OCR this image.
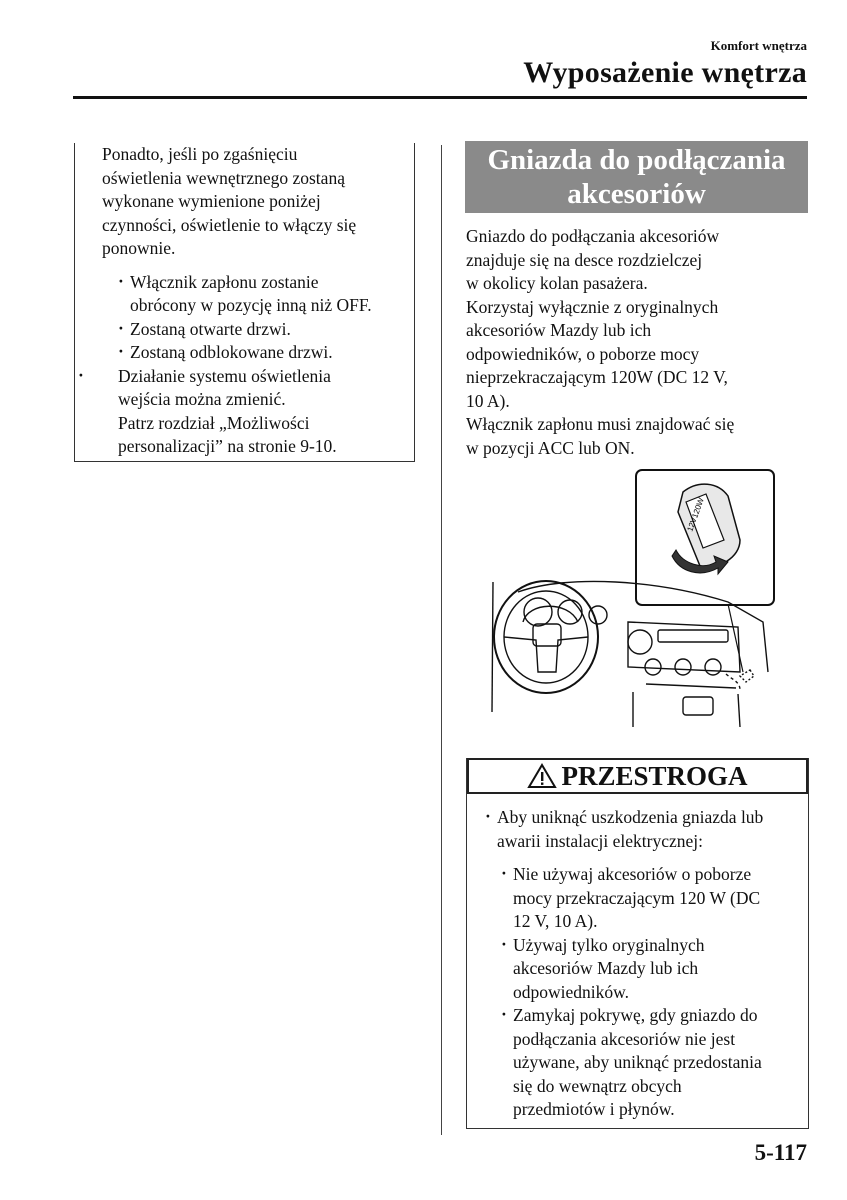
Komfort wnętrza
Wyposażenie wnętrza

Ponadto, jeśli po zgaśnięciu
oświetlenia wewnętrznego zostaną
wykonane wymienione poniżej
czynności, oświetlenie to włączy się
ponownie.

· Włącznik zapłonu zostanie
obrócony w pozycję inną niż OFF.

· Zostaną otwarte drzwi.

· Zostaną odblokowane drzwi.

· Działanie systemu oświetlenia
wejścia można zmienić.
Patrz rozdział „Możliwości
personalizacji” na stronie 9-10.

Gniazda do podłączania
akcesoriów

Gniazdo do podłączania akcesoriów
znajduje się na desce rozdzielczej
w okolicy kolan pasażera.
Korzystaj wyłącznie z oryginalnych
akcesoriów Mazdy lub ich
odpowiedników, o poborze mocy
nieprzekraczającym 120W (DC 12 V,
10 A).
Włącznik zapłonu musi znajdować się
w pozycji ACC lub ON.

12V120W
PRZESTROGA

· Aby uniknąć uszkodzenia gniazda lub
awarii instalacji elektrycznej:

· Nie używaj akcesoriów o poborze
mocy przekraczającym 120 W (DC
12 V, 10 A).

· Używaj tylko oryginalnych
akcesoriów Mazdy lub ich
odpowiedników.

· Zamykaj pokrywę, gdy gniazdo do
podłączania akcesoriów nie jest
używane, aby uniknąć przedostania
się do wewnątrz obcych
przedmiotów i płynów.

5-117
